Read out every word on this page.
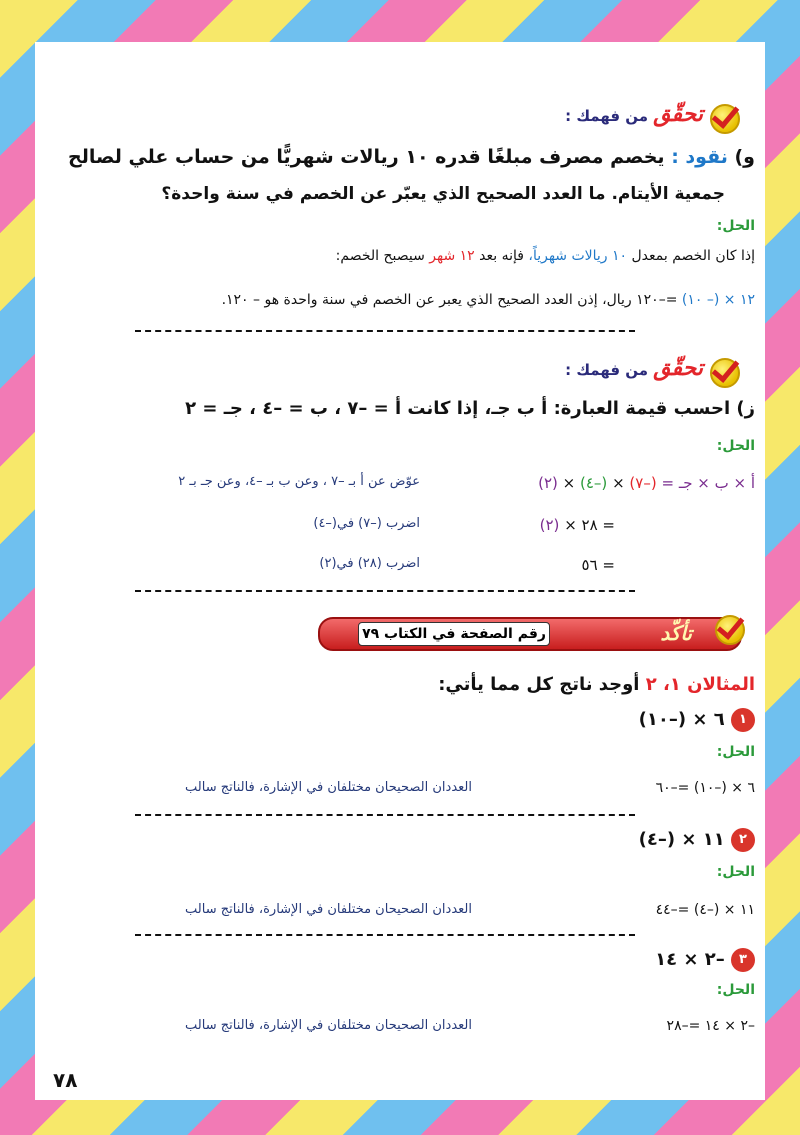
تحقّق من فهمك :
و) نقود : يخصم مصرف مبلغًا قدره ١٠ ريالات شهريًّا من حساب علي لصالح
جمعية الأيتام. ما العدد الصحيح الذي يعبّر عن الخصم في سنة واحدة؟
الحل:
إذا كان الخصم بمعدل ١٠ ريالات شهرياً، فإنه بعد ١٢ شهر سيصبح الخصم:
١٢ × (– ١٠) =–١٢٠ ريال، إذن العدد الصحيح الذي يعبر عن الخصم في سنة واحدة هو – ١٢٠.
تحقّق من فهمك :
ز) احسب قيمة العبارة: أ ب جـ، إذا كانت أ = –٧ ، ب = –٤ ، جـ = ٢
الحل:
أ × ب × جـ = (–٧) × (–٤) × (٢)
عوّض عن أ بـ –٧ ، وعن ب بـ –٤، وعن جـ بـ ٢
= ٢٨ × (٢)
اضرب (–٧) في(–٤)
= ٥٦
اضرب (٢٨) في(٢)
تأكّد
رقم الصفحة في الكتاب ٧٩
المثالان ١، ٢ أوجد ناتج كل مما يأتي:
١ ٦ × (–١٠)
الحل:
٦ × (–١٠) =–٦٠
العددان الصحيحان مختلفان في الإشارة، فالناتج سالب
٢ ١١ × (–٤)
الحل:
١١ × (–٤) =–٤٤
العددان الصحيحان مختلفان في الإشارة، فالناتج سالب
٣ –٢ × ١٤
الحل:
–٢ × ١٤ =–٢٨
العددان الصحيحان مختلفان في الإشارة، فالناتج سالب
٧٨
